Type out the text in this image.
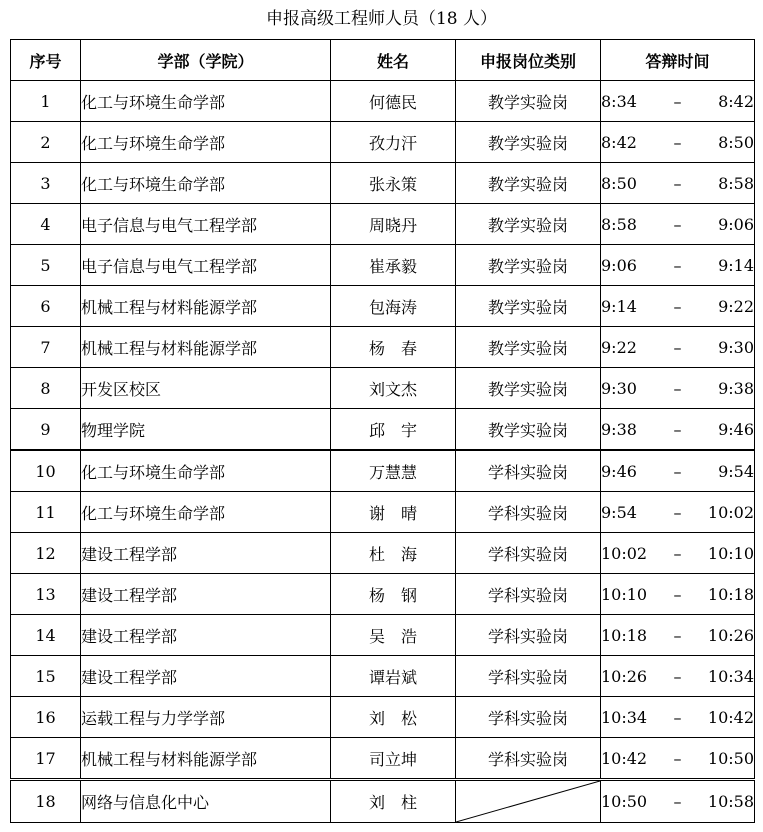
申报高级工程师人员（18 人）
序号	学部（学院）	姓名	申报岗位类别	答辩时间
1	化工与环境生命学部	何德民	教学实验岗	8:34 – 8:42

2	化工与环境生命学部	孜力汗	教学实验岗	8:42 – 8:50

3	化工与环境生命学部	张永策	教学实验岗	8:50 – 8:58

4	电子信息与电气工程学部	周晓丹	教学实验岗	8:58 – 9:06

5	电子信息与电气工程学部	崔承毅	教学实验岗	9:06 – 9:14

6	机械工程与材料能源学部	包海涛	教学实验岗	9:14 – 9:22

7	机械工程与材料能源学部	杨　春	教学实验岗	9:22 – 9:30

8	开发区校区	刘文杰	教学实验岗	9:30 – 9:38

9	物理学院	邱　宇	教学实验岗	9:38 – 9:46

10	化工与环境生命学部	万慧慧	学科实验岗	9:46 – 9:54

11	化工与环境生命学部	谢　晴	学科实验岗	9:54 – 10:02

12	建设工程学部	杜　海	学科实验岗	10:02 – 10:10

13	建设工程学部	杨　钢	学科实验岗	10:10 – 10:18

14	建设工程学部	吴　浩	学科实验岗	10:18 – 10:26

15	建设工程学部	谭岩斌	学科实验岗	10:26 – 10:34

16	运载工程与力学学部	刘　松	学科实验岗	10:34 – 10:42

17	机械工程与材料能源学部	司立坤	学科实验岗	10:42 – 10:50

18	网络与信息化中心	刘　柱		10:50 – 10:58
